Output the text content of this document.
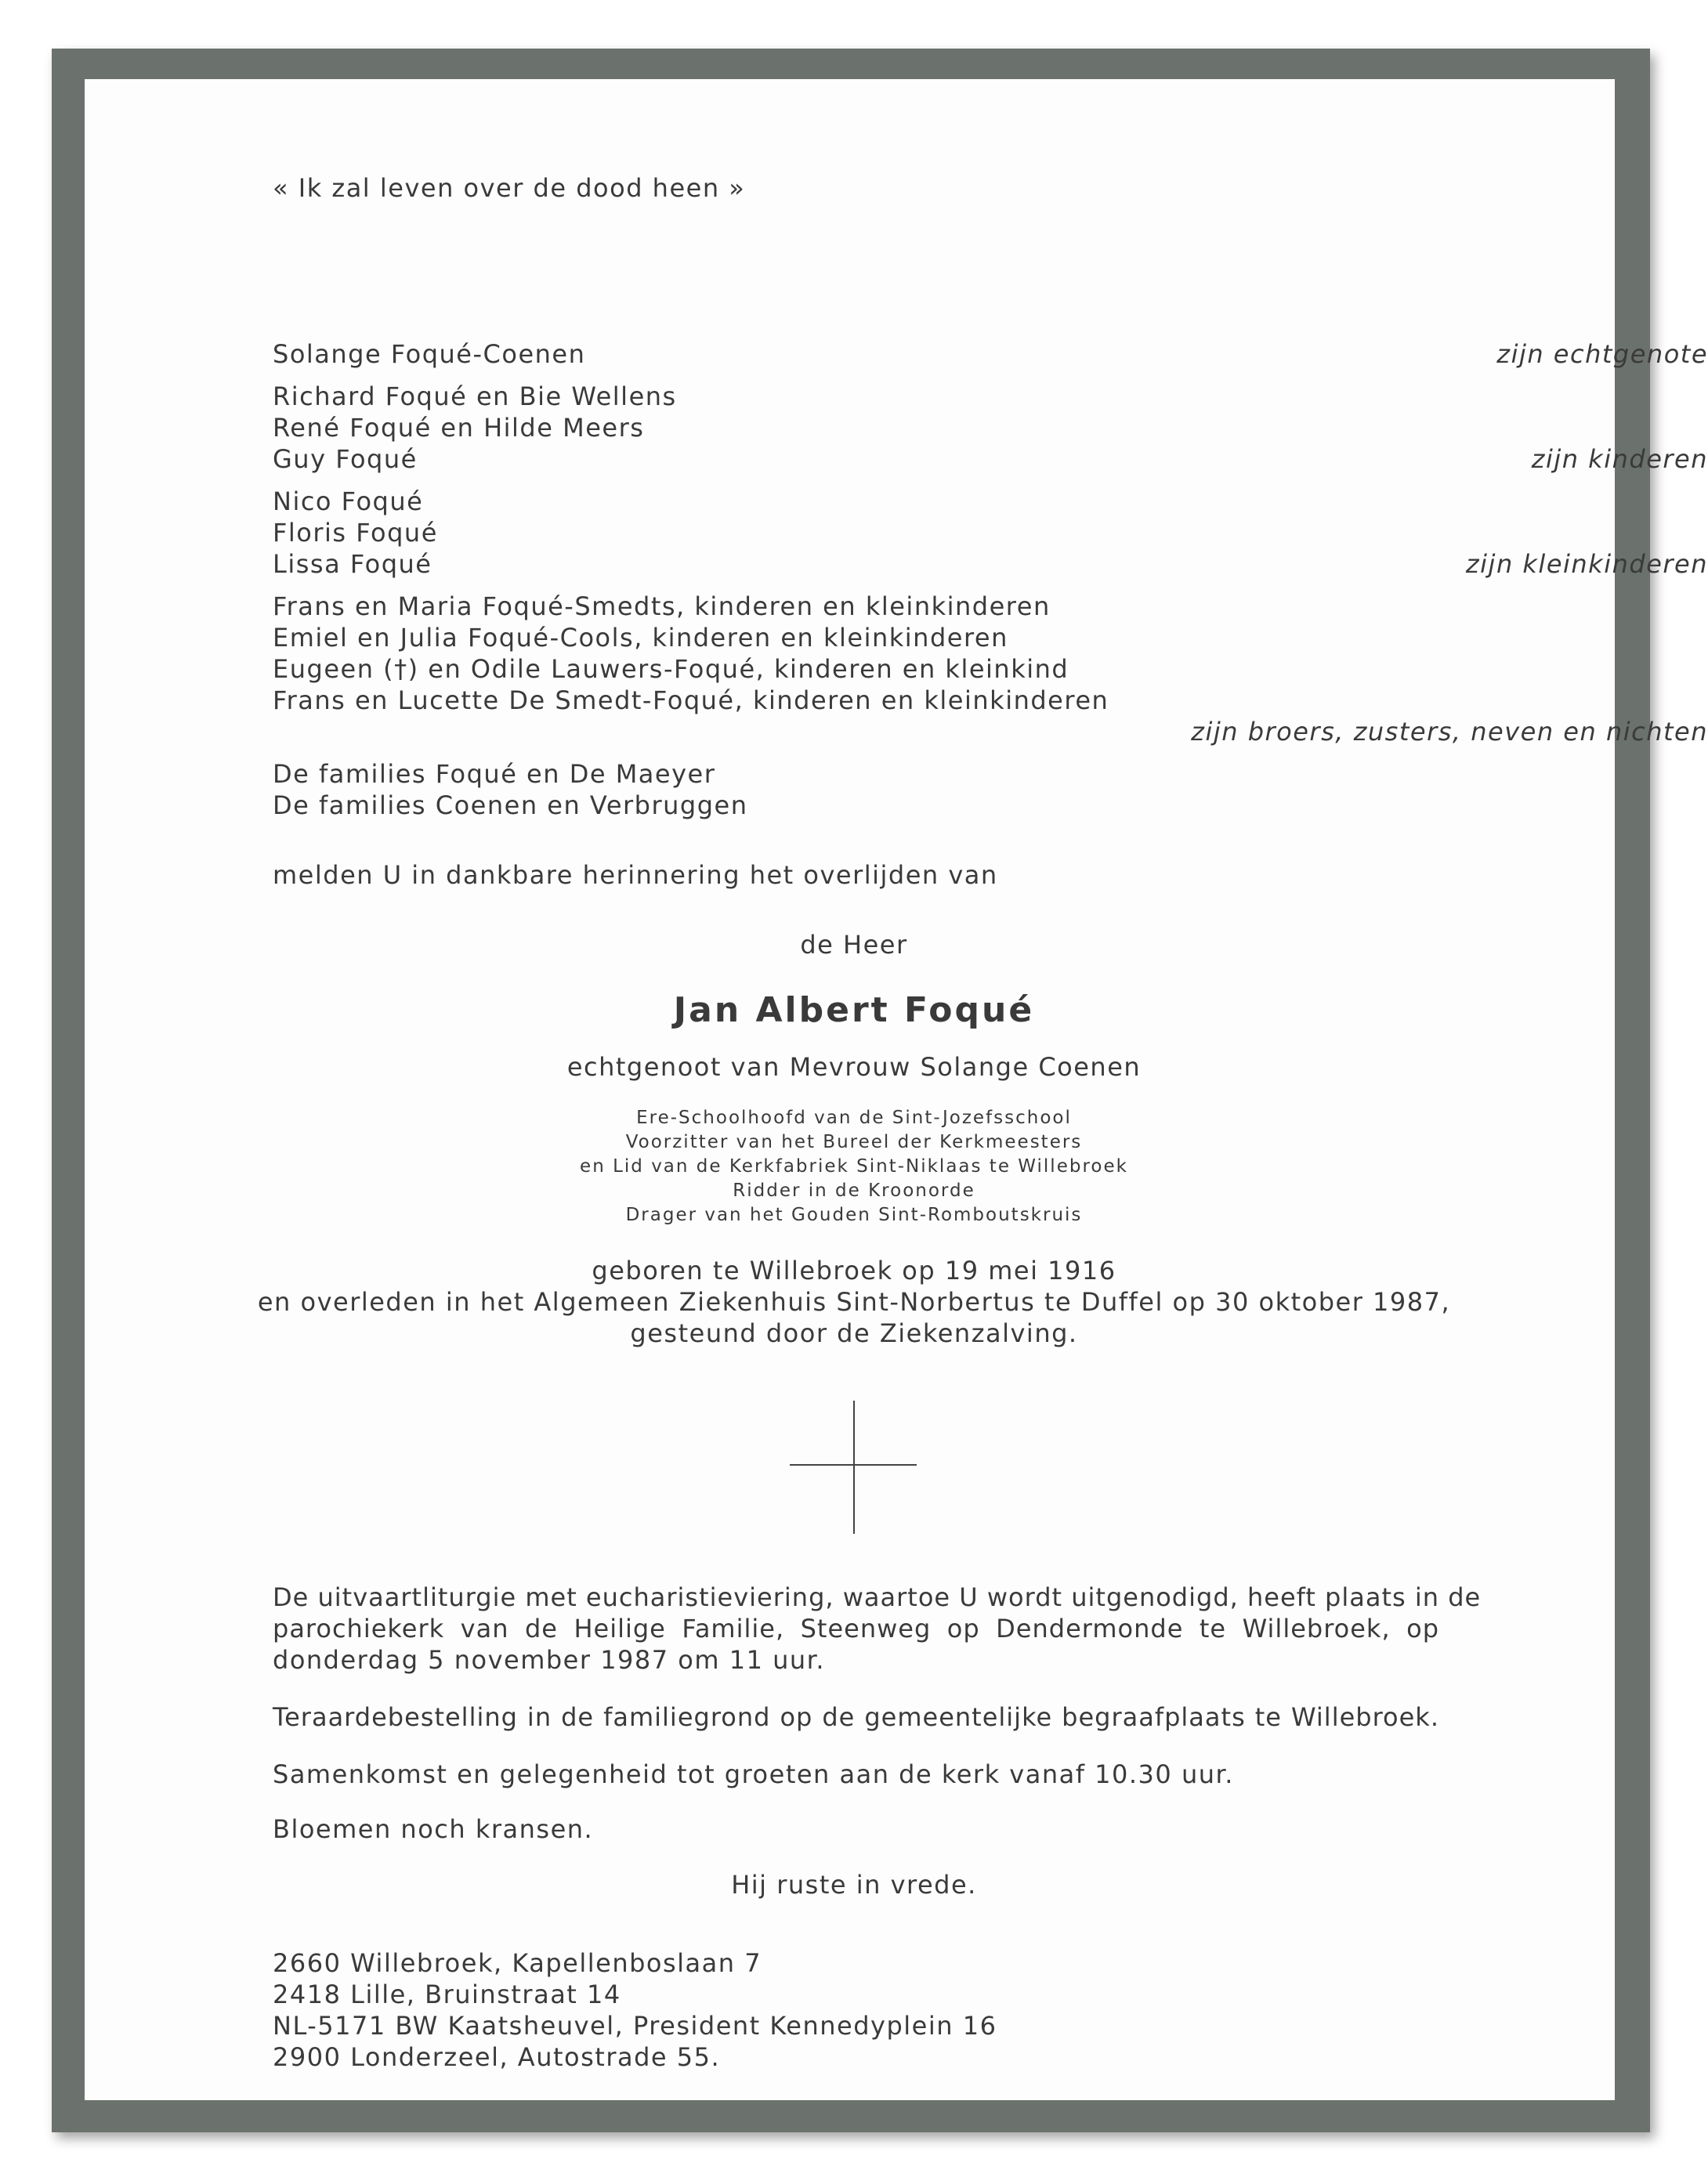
« Ik zal leven over de dood heen »
Solange Foqué-Coenen	zijn echtgenote
Richard Foqué en Bie Wellens
René Foqué en Hilde Meers
Guy Foqué	zijn kinderen
Nico Foqué
Floris Foqué
Lissa Foqué	zijn kleinkinderen
Frans en Maria Foqué-Smedts, kinderen en kleinkinderen
Emiel en Julia Foqué-Cools, kinderen en kleinkinderen
Eugeen (†) en Odile Lauwers-Foqué, kinderen en kleinkind
Frans en Lucette De Smedt-Foqué, kinderen en kleinkinderen
zijn broers, zusters, neven en nichten
De families Foqué en De Maeyer
De families Coenen en Verbruggen
melden U in dankbare herinnering het overlijden van
de Heer
Jan Albert Foqué
echtgenoot van Mevrouw Solange Coenen
Ere-Schoolhoofd van de Sint-Jozefsschool
Voorzitter van het Bureel der Kerkmeesters
en Lid van de Kerkfabriek Sint-Niklaas te Willebroek
Ridder in de Kroonorde
Drager van het Gouden Sint-Romboutskruis
geboren te Willebroek op 19 mei 1916
en overleden in het Algemeen Ziekenhuis Sint-Norbertus te Duffel op 30 oktober 1987,
gesteund door de Ziekenzalving.
De uitvaartliturgie met eucharistieviering, waartoe U wordt uitgenodigd, heeft plaats in de
parochiekerk van de Heilige Familie, Steenweg op Dendermonde te Willebroek, op
donderdag 5 november 1987 om 11 uur.
Teraardebestelling in de familiegrond op de gemeentelijke begraafplaats te Willebroek.
Samenkomst en gelegenheid tot groeten aan de kerk vanaf 10.30 uur.
Bloemen noch kransen.
Hij ruste in vrede.
2660 Willebroek, Kapellenboslaan 7
2418 Lille, Bruinstraat 14
NL-5171 BW Kaatsheuvel, President Kennedyplein 16
2900 Londerzeel, Autostrade 55.
